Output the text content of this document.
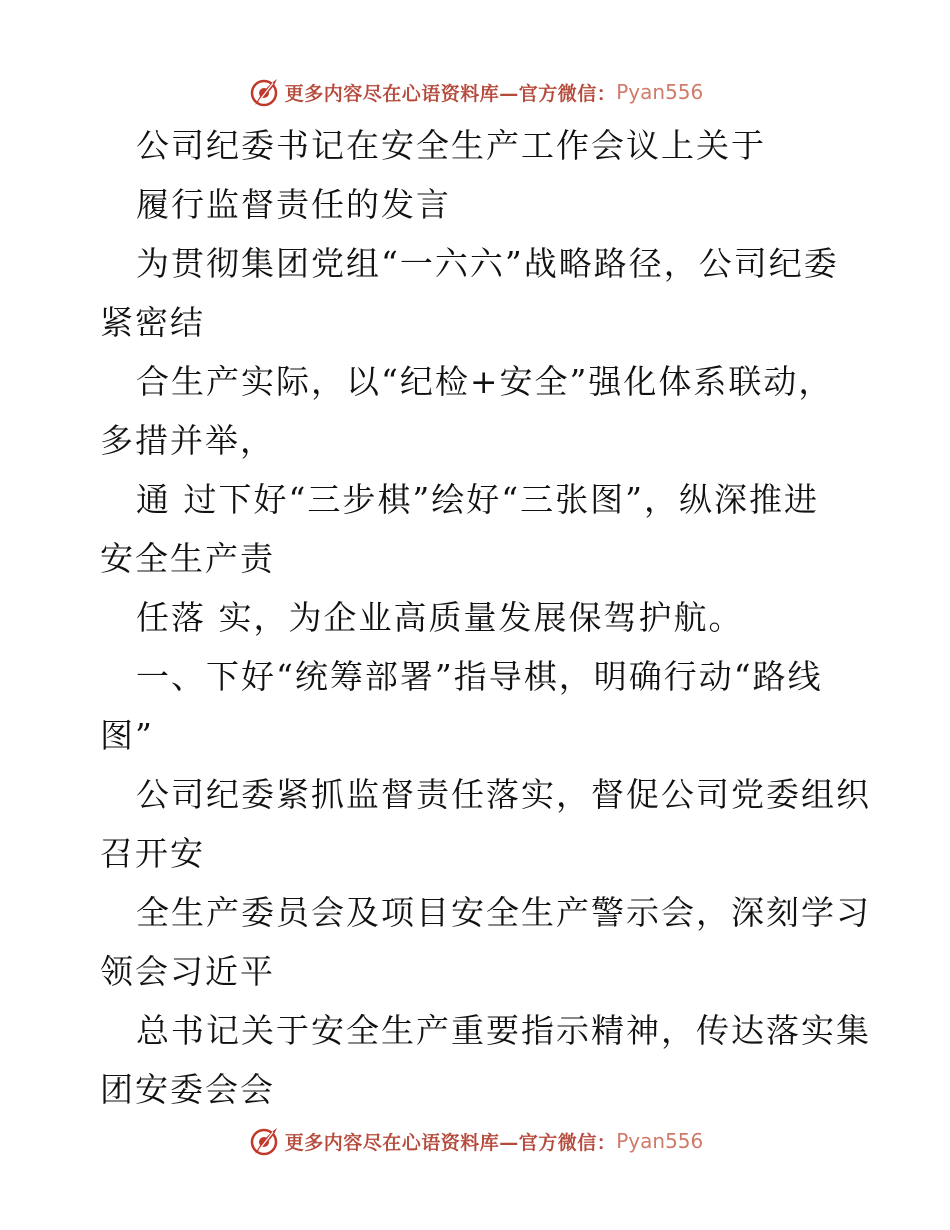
更多内容尽在心语资料库—官方微信： Pyan556
公司纪委书记在安全生产工作会议上关于
履行监督责任的发言
为贯彻集团党组“一六六”战略路径，公司纪委
紧密结
合生产实际，以“纪检+安全”强化体系联动，
多措并举，
通 过下好“三步棋”绘好“三张图”，纵深推进
安全生产责
任落 实，为企业高质量发展保驾护航。
一、下好“统筹部署”指导棋，明确行动“路线
图”
公司纪委紧抓监督责任落实，督促公司党委组织
召开安
全生产委员会及项目安全生产警示会，深刻学习
领会习近平
总书记关于安全生产重要指示精神，传达落实集
团安委会会
更多内容尽在心语资料库—官方微信： Pyan556
